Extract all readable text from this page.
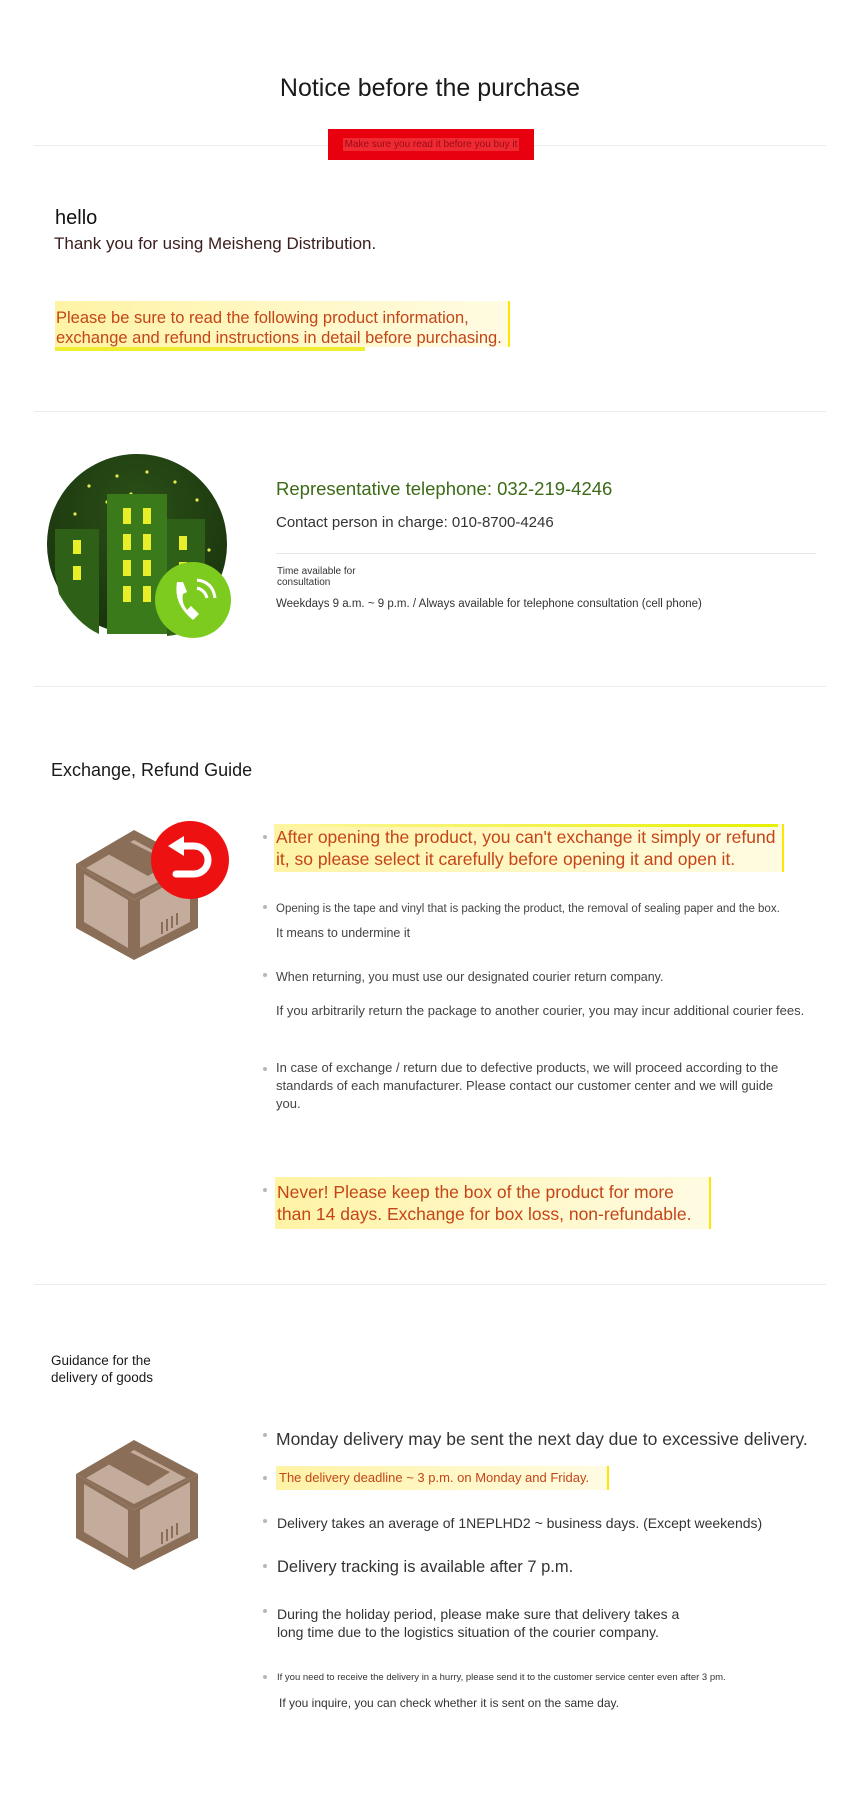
Notice before the purchase
Make sure you read it before you buy it
hello
Thank you for using Meisheng Distribution.
Please be sure to read the following product information,
exchange and refund instructions in detail before purchasing.
Representative telephone: 032-219-4246
Contact person in charge: 010-8700-4246
Time available for consultation
Weekdays 9 a.m. ~ 9 p.m. / Always available for telephone consultation (cell phone)
Exchange, Refund Guide
After opening the product, you can't exchange it simply or refund it, so please select it carefully before opening it and open it.
Opening is the tape and vinyl that is packing the product, the removal of sealing paper and the box.
It means to undermine it
When returning, you must use our designated courier return company.
If you arbitrarily return the package to another courier, you may incur additional courier fees.
In case of exchange / return due to defective products, we will proceed according to the standards of each manufacturer. Please contact our customer center and we will guide you.
Never! Please keep the box of the product for more than 14 days. Exchange for box loss, non-refundable.
Guidance for the delivery of goods
Monday delivery may be sent the next day due to excessive delivery.
The delivery deadline ~ 3 p.m. on Monday and Friday.
Delivery takes an average of 1NEPLHD2 ~ business days. (Except weekends)
Delivery tracking is available after 7 p.m.
During the holiday period, please make sure that delivery takes a long time due to the logistics situation of the courier company.
If you need to receive the delivery in a hurry, please send it to the customer service center even after 3 pm.
If you inquire, you can check whether it is sent on the same day.
